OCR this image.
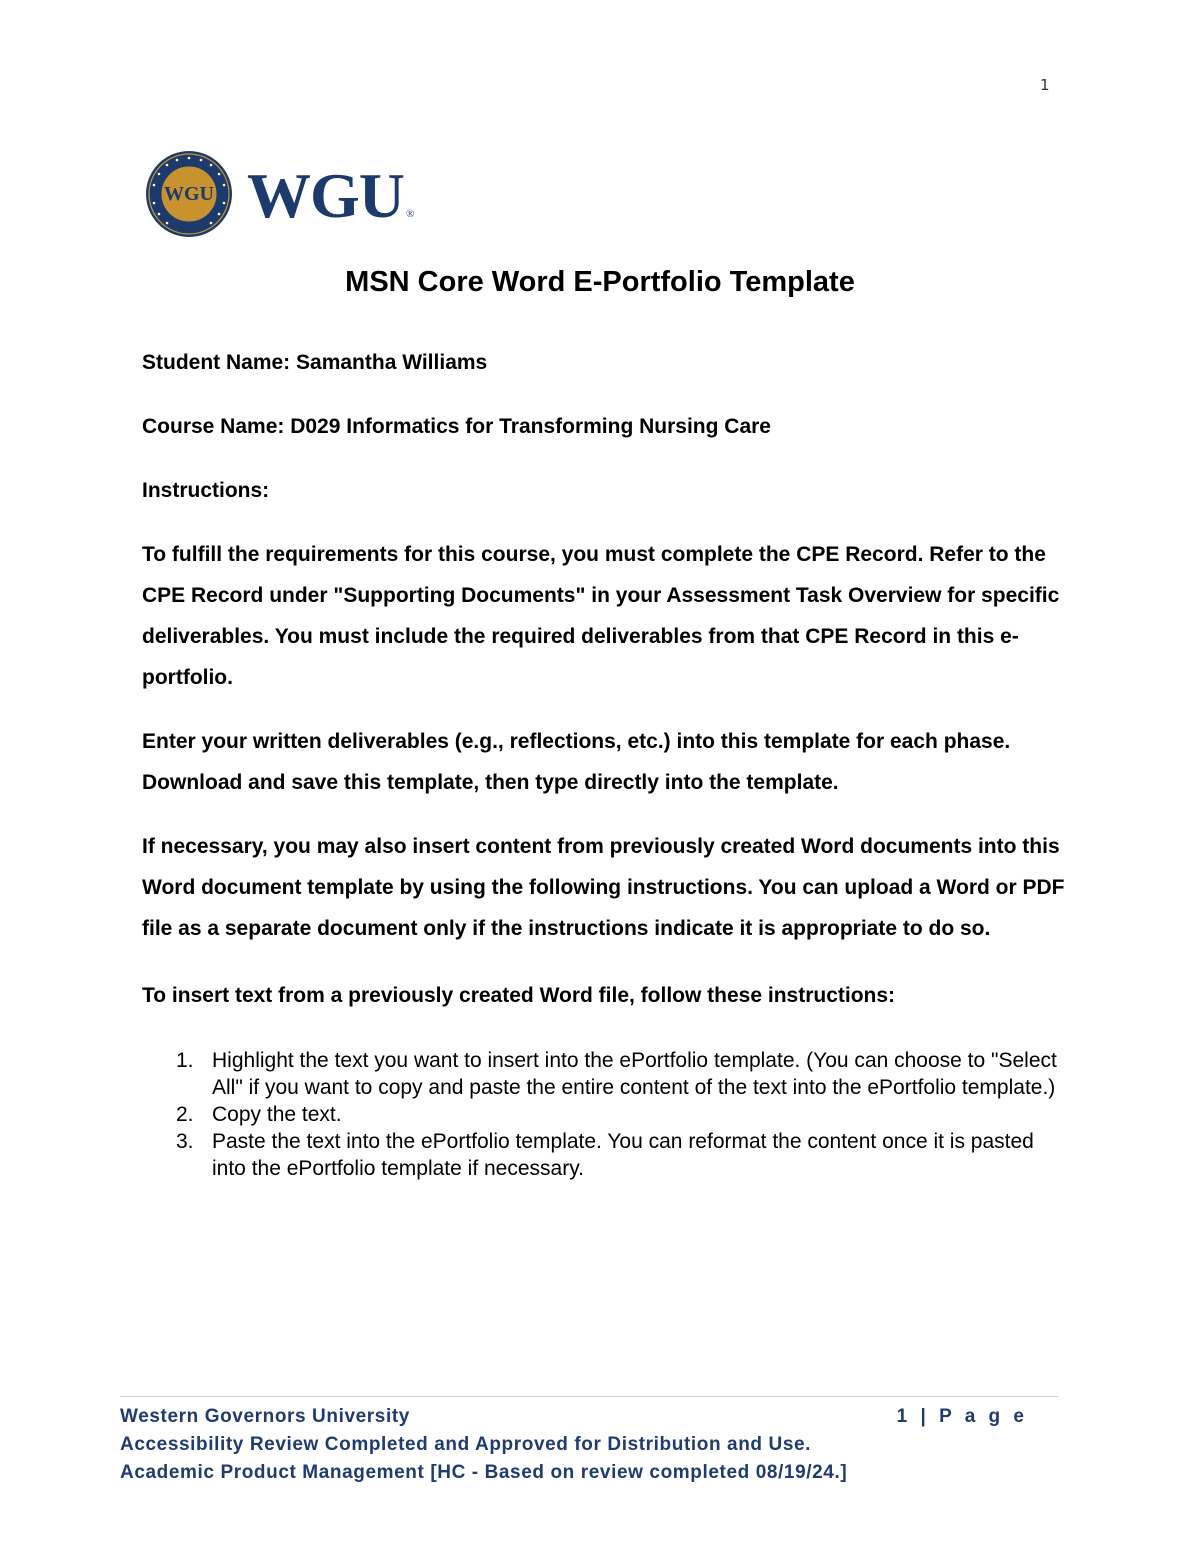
1
WGU WGU ®
MSN Core Word E-Portfolio Template

Student Name: Samantha Williams

Course Name: D029 Informatics for Transforming Nursing Care

Instructions:

To fulfill the requirements for this course, you must complete the CPE Record. Refer to the CPE Record under "Supporting Documents" in your Assessment Task Overview for specific deliverables. You must include the required deliverables from that CPE Record in this e-portfolio.

Enter your written deliverables (e.g., reflections, etc.) into this template for each phase. Download and save this template, then type directly into the template.

If necessary, you may also insert content from previously created Word documents into this Word document template by using the following instructions. You can upload a Word or PDF file as a separate document only if the instructions indicate it is appropriate to do so.

To insert text from a previously created Word file, follow these instructions:

1. Highlight the text you want to insert into the ePortfolio template. (You can choose to "Select All" if you want to copy and paste the entire content of the text into the ePortfolio template.)
2. Copy the text.
3. Paste the text into the ePortfolio template. You can reformat the content once it is pasted into the ePortfolio template if necessary.
Western Governors University	1 | P a g e
Accessibility Review Completed and Approved for Distribution and Use.
Academic Product Management [HC - Based on review completed 08/19/24.]
